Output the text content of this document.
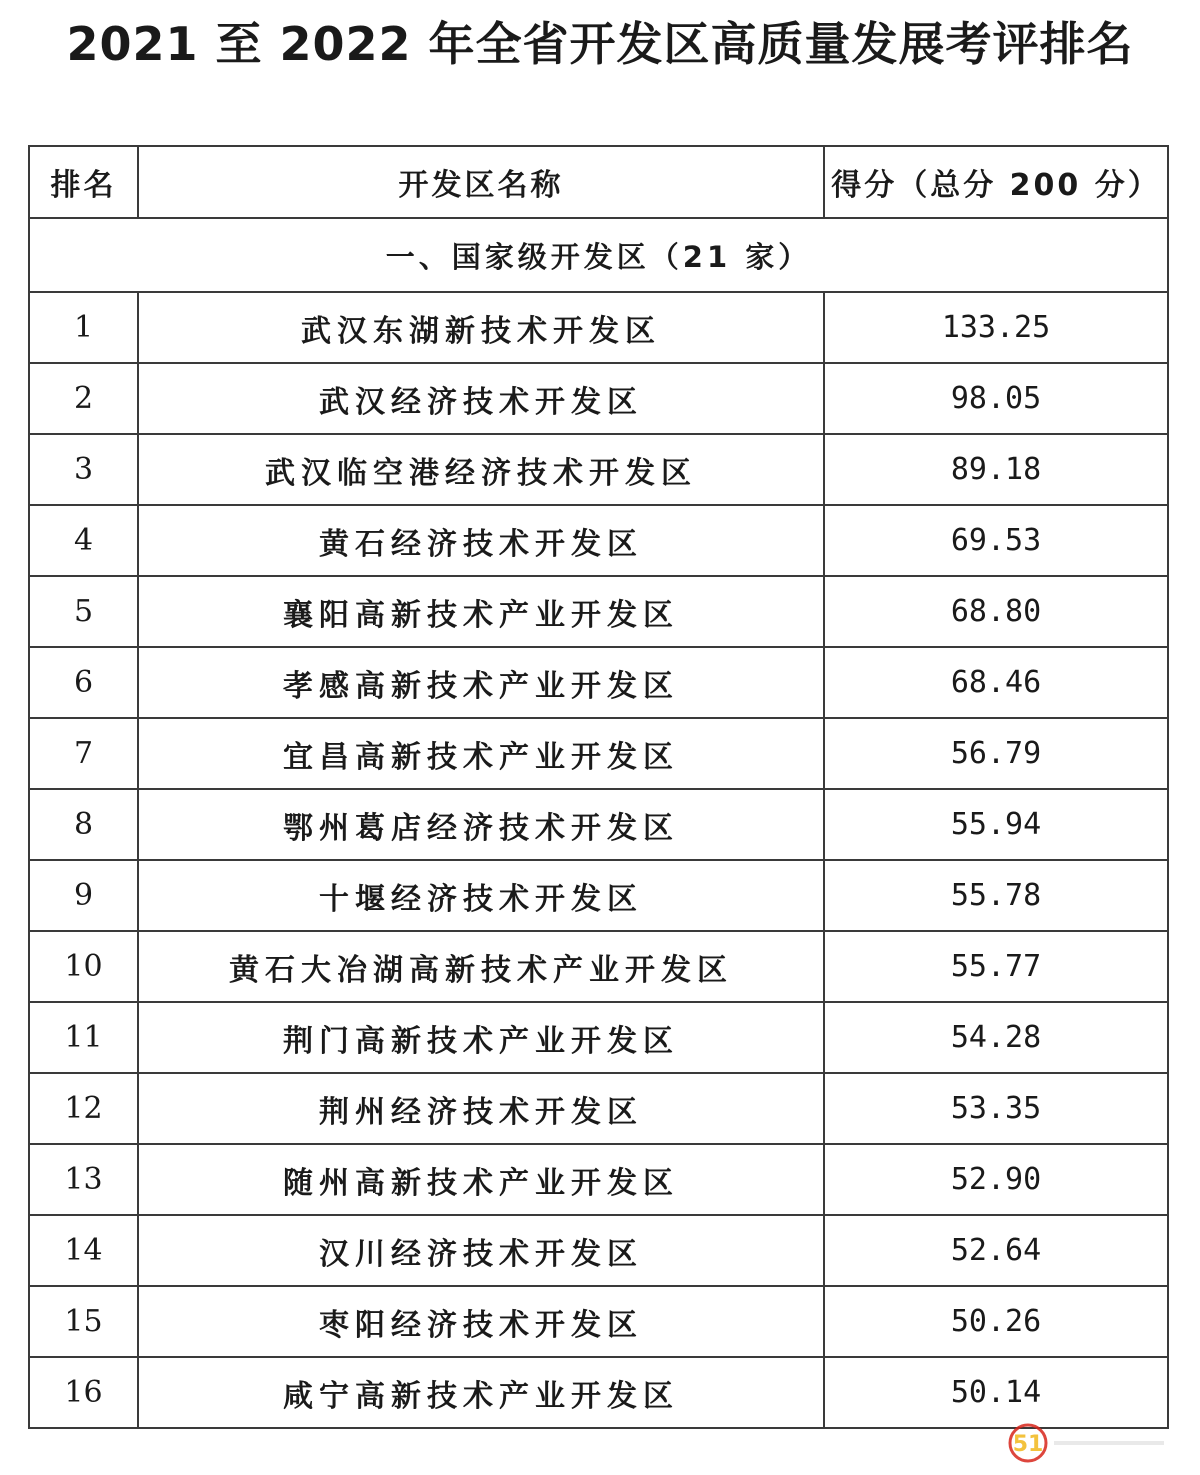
2021 至 2022 年全省开发区高质量发展考评排名
排名	开发区名称	得分（总分 200 分）
一、国家级开发区（21 家）		
1	武汉东湖新技术开发区	133.25
2	武汉经济技术开发区	98.05
3	武汉临空港经济技术开发区	89.18
4	黄石经济技术开发区	69.53
5	襄阳高新技术产业开发区	68.80
6	孝感高新技术产业开发区	68.46
7	宜昌高新技术产业开发区	56.79
8	鄂州葛店经济技术开发区	55.94
9	十堰经济技术开发区	55.78
10	黄石大冶湖高新技术产业开发区	55.77
11	荆门高新技术产业开发区	54.28
12	荆州经济技术开发区	53.35
13	随州高新技术产业开发区	52.90
14	汉川经济技术开发区	52.64
15	枣阳经济技术开发区	50.26
16	咸宁高新技术产业开发区	50.14
51
